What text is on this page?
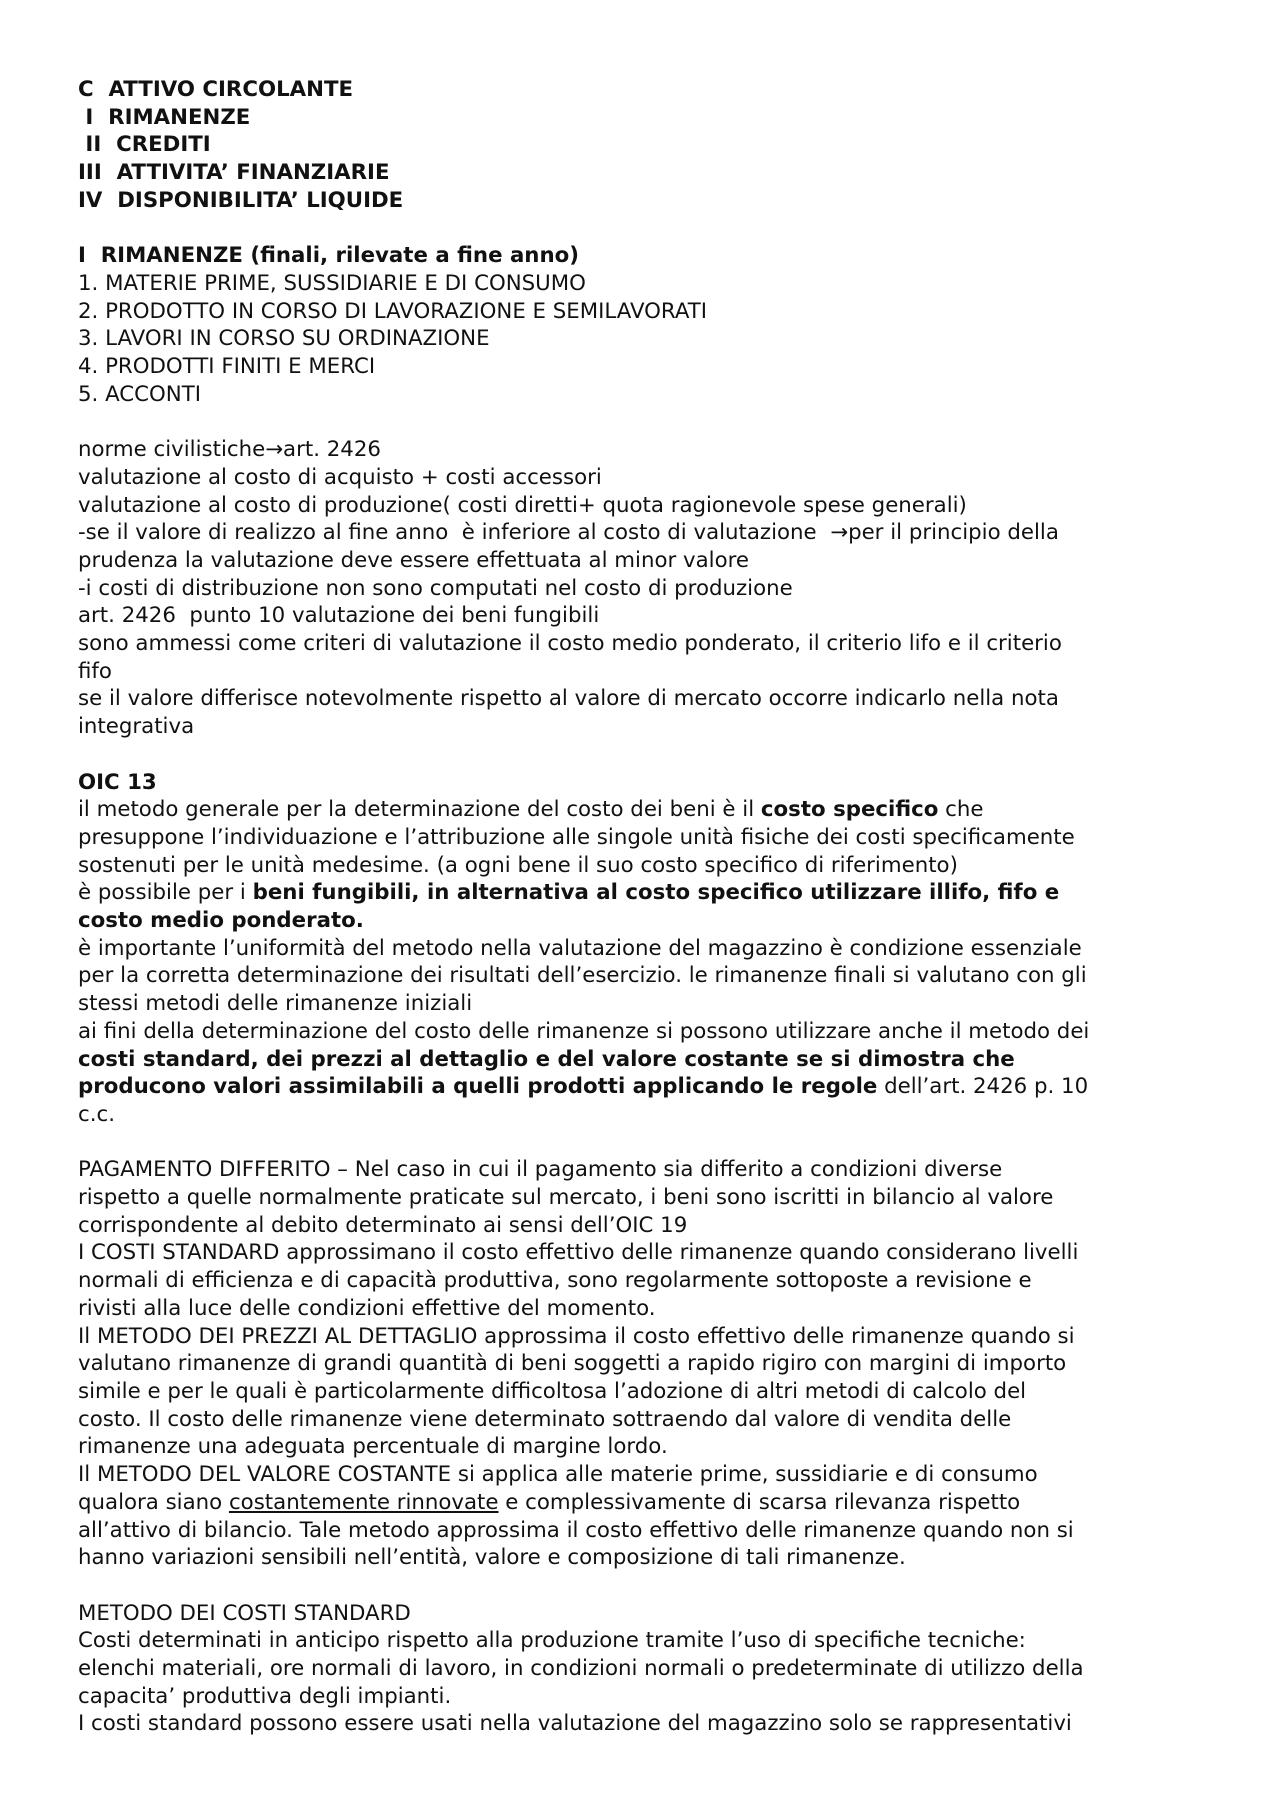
C  ATTIVO CIRCOLANTE
I  RIMANENZE
II  CREDITI
III  ATTIVITA’ FINANZIARIE
IV  DISPONIBILITA’ LIQUIDE
I  RIMANENZE (finali, rilevate a fine anno)
1. MATERIE PRIME, SUSSIDIARIE E DI CONSUMO
2. PRODOTTO IN CORSO DI LAVORAZIONE E SEMILAVORATI
3. LAVORI IN CORSO SU ORDINAZIONE
4. PRODOTTI FINITI E MERCI
5. ACCONTI
norme civilistiche→art. 2426
valutazione al costo di acquisto + costi accessori
valutazione al costo di produzione( costi diretti+ quota ragionevole spese generali)
-se il valore di realizzo al fine anno  è inferiore al costo di valutazione  →per il principio della
prudenza la valutazione deve essere effettuata al minor valore
-i costi di distribuzione non sono computati nel costo di produzione
art. 2426  punto 10 valutazione dei beni fungibili
sono ammessi come criteri di valutazione il costo medio ponderato, il criterio lifo e il criterio
fifo
se il valore differisce notevolmente rispetto al valore di mercato occorre indicarlo nella nota
integrativa
OIC 13
il metodo generale per la determinazione del costo dei beni è il costo specifico che
presuppone l’individuazione e l’attribuzione alle singole unità fisiche dei costi specificamente
sostenuti per le unità medesime. (a ogni bene il suo costo specifico di riferimento)
è possibile per i beni fungibili, in alternativa al costo specifico utilizzare illifo, fifo e
costo medio ponderato.
è importante l’uniformità del metodo nella valutazione del magazzino è condizione essenziale
per la corretta determinazione dei risultati dell’esercizio. le rimanenze finali si valutano con gli
stessi metodi delle rimanenze iniziali
ai fini della determinazione del costo delle rimanenze si possono utilizzare anche il metodo dei
costi standard, dei prezzi al dettaglio e del valore costante se si dimostra che
producono valori assimilabili a quelli prodotti applicando le regole dell’art. 2426 p. 10
c.c.
PAGAMENTO DIFFERITO – Nel caso in cui il pagamento sia differito a condizioni diverse
rispetto a quelle normalmente praticate sul mercato, i beni sono iscritti in bilancio al valore
corrispondente al debito determinato ai sensi dell’OIC 19
I COSTI STANDARD approssimano il costo effettivo delle rimanenze quando considerano livelli
normali di efficienza e di capacità produttiva, sono regolarmente sottoposte a revisione e
rivisti alla luce delle condizioni effettive del momento.
Il METODO DEI PREZZI AL DETTAGLIO approssima il costo effettivo delle rimanenze quando si
valutano rimanenze di grandi quantità di beni soggetti a rapido rigiro con margini di importo
simile e per le quali è particolarmente difficoltosa l’adozione di altri metodi di calcolo del
costo. Il costo delle rimanenze viene determinato sottraendo dal valore di vendita delle
rimanenze una adeguata percentuale di margine lordo.
Il METODO DEL VALORE COSTANTE si applica alle materie prime, sussidiarie e di consumo
qualora siano costantemente rinnovate e complessivamente di scarsa rilevanza rispetto
all’attivo di bilancio. Tale metodo approssima il costo effettivo delle rimanenze quando non si
hanno variazioni sensibili nell’entità, valore e composizione di tali rimanenze.
METODO DEI COSTI STANDARD
Costi determinati in anticipo rispetto alla produzione tramite l’uso di specifiche tecniche:
elenchi materiali, ore normali di lavoro, in condizioni normali o predeterminate di utilizzo della
capacita’ produttiva degli impianti.
I costi standard possono essere usati nella valutazione del magazzino solo se rappresentativi
